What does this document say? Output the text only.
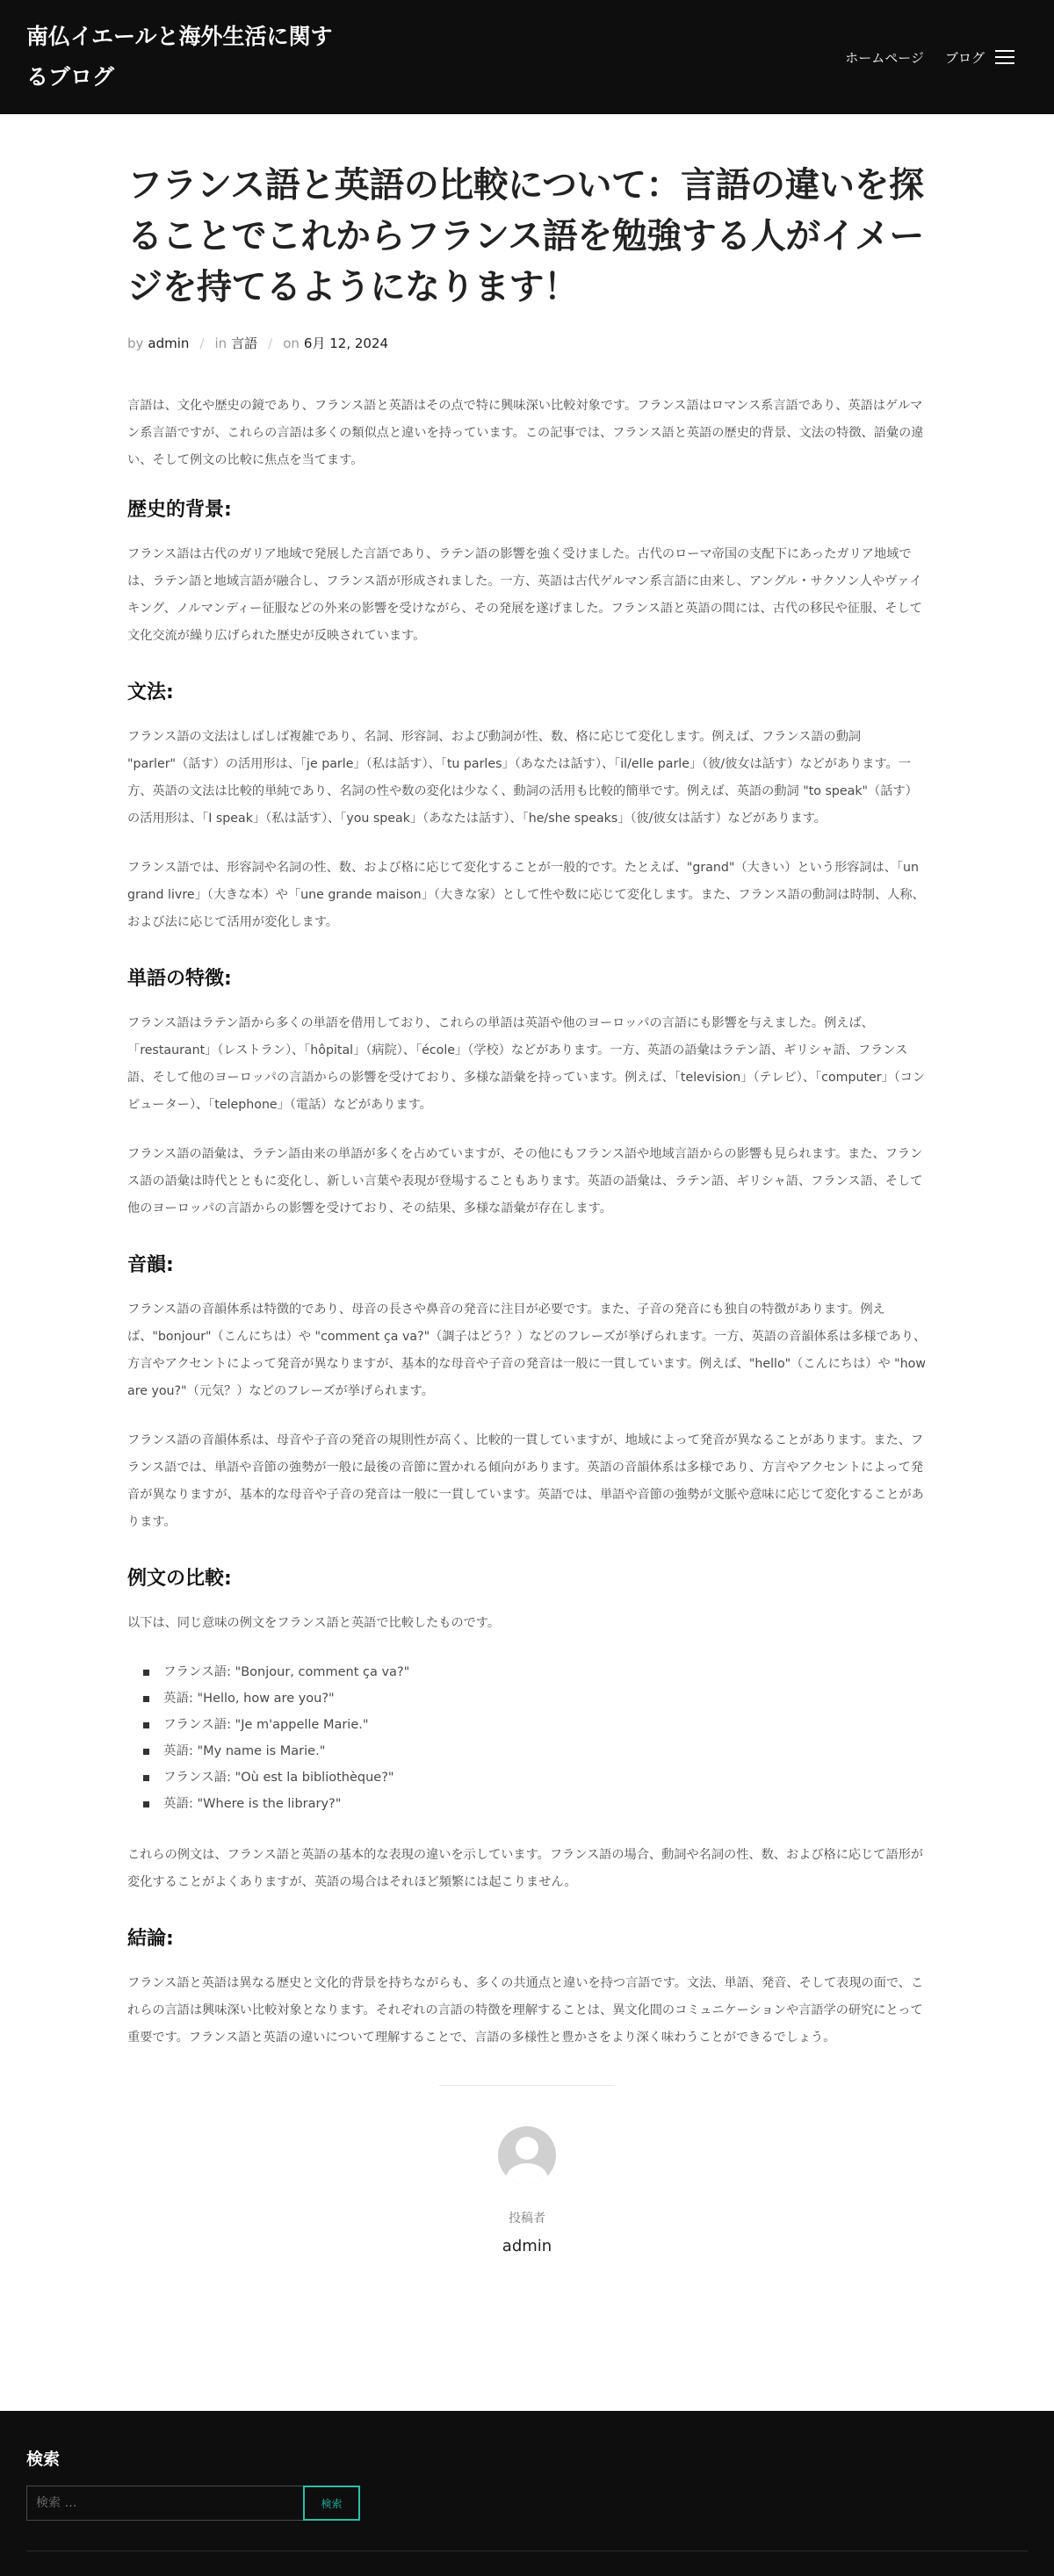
南仏イエールと海外生活に関するブログ
ホームページ ブログ
フランス語と英語の比較について：言語の違いを探ることでこれからフランス語を勉強する人がイメージを持てるようになります！
by admin / in 言語 / on 6月 12, 2024

言語は、文化や歴史の鏡であり、フランス語と英語はその点で特に興味深い比較対象です。フランス語はロマンス系言語であり、英語はゲルマン系言語ですが、これらの言語は多くの類似点と違いを持っています。この記事では、フランス語と英語の歴史的背景、文法の特徴、語彙の違い、そして例文の比較に焦点を当てます。

歴史的背景:

フランス語は古代のガリア地域で発展した言語であり、ラテン語の影響を強く受けました。古代のローマ帝国の支配下にあったガリア地域では、ラテン語と地域言語が融合し、フランス語が形成されました。一方、英語は古代ゲルマン系言語に由来し、アングル・サクソン人やヴァイキング、ノルマンディー征服などの外来の影響を受けながら、その発展を遂げました。フランス語と英語の間には、古代の移民や征服、そして文化交流が繰り広げられた歴史が反映されています。

文法:

フランス語の文法はしばしば複雑であり、名詞、形容詞、および動詞が性、数、格に応じて変化します。例えば、フランス語の動詞 "parler"（話す）の活用形は、「je parle」（私は話す）、「tu parles」（あなたは話す）、「il/elle parle」（彼/彼女は話す）などがあります。一方、英語の文法は比較的単純であり、名詞の性や数の変化は少なく、動詞の活用も比較的簡単です。例えば、英語の動詞 "to speak"（話す）の活用形は、「I speak」（私は話す）、「you speak」（あなたは話す）、「he/she speaks」（彼/彼女は話す）などがあります。

フランス語では、形容詞や名詞の性、数、および格に応じて変化することが一般的です。たとえば、"grand"（大きい）という形容詞は、「un grand livre」（大きな本）や「une grande maison」（大きな家）として性や数に応じて変化します。また、フランス語の動詞は時制、人称、および法に応じて活用が変化します。

単語の特徴:

フランス語はラテン語から多くの単語を借用しており、これらの単語は英語や他のヨーロッパの言語にも影響を与えました。例えば、「restaurant」（レストラン）、「hôpital」（病院）、「école」（学校）などがあります。一方、英語の語彙はラテン語、ギリシャ語、フランス語、そして他のヨーロッパの言語からの影響を受けており、多様な語彙を持っています。例えば、「television」（テレビ）、「computer」（コンピューター）、「telephone」（電話）などがあります。

フランス語の語彙は、ラテン語由来の単語が多くを占めていますが、その他にもフランス語や地域言語からの影響も見られます。また、フランス語の語彙は時代とともに変化し、新しい言葉や表現が登場することもあります。英語の語彙は、ラテン語、ギリシャ語、フランス語、そして他のヨーロッパの言語からの影響を受けており、その結果、多様な語彙が存在します。

音韻:

フランス語の音韻体系は特徴的であり、母音の長さや鼻音の発音に注目が必要です。また、子音の発音にも独自の特徴があります。例えば、"bonjour"（こんにちは）や "comment ça va?"（調子はどう？）などのフレーズが挙げられます。一方、英語の音韻体系は多様であり、方言やアクセントによって発音が異なりますが、基本的な母音や子音の発音は一般に一貫しています。例えば、"hello"（こんにちは）や "how are you?"（元気？）などのフレーズが挙げられます。

フランス語の音韻体系は、母音や子音の発音の規則性が高く、比較的一貫していますが、地域によって発音が異なることがあります。また、フランス語では、単語や音節の強勢が一般に最後の音節に置かれる傾向があります。英語の音韻体系は多様であり、方言やアクセントによって発音が異なりますが、基本的な母音や子音の発音は一般に一貫しています。英語では、単語や音節の強勢が文脈や意味に応じて変化することがあります。

例文の比較:

以下は、同じ意味の例文をフランス語と英語で比較したものです。

フランス語: "Bonjour, comment ça va?"
英語: "Hello, how are you?"
フランス語: "Je m'appelle Marie."
英語: "My name is Marie."
フランス語: "Où est la bibliothèque?"
英語: "Where is the library?"

これらの例文は、フランス語と英語の基本的な表現の違いを示しています。フランス語の場合、動詞や名詞の性、数、および格に応じて語形が変化することがよくありますが、英語の場合はそれほど頻繁には起こりません。

結論:

フランス語と英語は異なる歴史と文化的背景を持ちながらも、多くの共通点と違いを持つ言語です。文法、単語、発音、そして表現の面で、これらの言語は興味深い比較対象となります。それぞれの言語の特徴を理解することは、異文化間のコミュニケーションや言語学の研究にとって重要です。フランス語と英語の違いについて理解することで、言語の多様性と豊かさをより深く味わうことができるでしょう。

投稿者
admin
検索
検索 …
検索
